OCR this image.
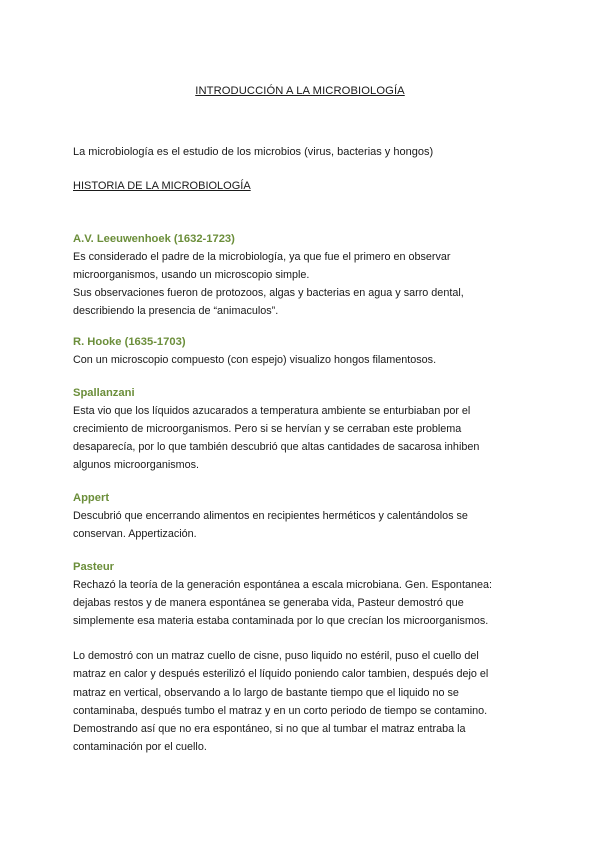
INTRODUCCIÓN A LA MICROBIOLOGÍA
La microbiología es el estudio de los microbios (virus, bacterias y hongos)
HISTORIA DE LA MICROBIOLOGÍA
A.V. Leeuwenhoek (1632-1723)

Es considerado el padre de la microbiología, ya que fue el primero en observar

microorganismos, usando un microscopio simple.

Sus observaciones fueron de protozoos, algas y bacterias en agua y sarro dental,

describiendo la presencia de “animaculos”.

R. Hooke (1635-1703)

Con un microscopio compuesto (con espejo) visualizo hongos filamentosos.

Spallanzani

Esta vio que los líquidos azucarados a temperatura ambiente se enturbiaban por el

crecimiento de microorganismos. Pero si se hervían y se cerraban este problema

desaparecía, por lo que también descubrió que altas cantidades de sacarosa inhiben

algunos microorganismos.

Appert

Descubrió que encerrando alimentos en recipientes herméticos y calentándolos se

conservan. Appertización.

Pasteur

Rechazó la teoría de la generación espontánea a escala microbiana. Gen. Espontanea:

dejabas restos y de manera espontánea se generaba vida, Pasteur demostró que

simplemente esa materia estaba contaminada por lo que crecían los microorganismos.

Lo demostró con un matraz cuello de cisne, puso liquido no estéril, puso el cuello del

matraz en calor y después esterilizó el líquido poniendo calor tambien, después dejo el

matraz en vertical, observando a lo largo de bastante tiempo que el liquido no se

contaminaba, después tumbo el matraz y en un corto periodo de tiempo se contamino.

Demostrando así que no era espontáneo, si no que al tumbar el matraz entraba la

contaminación por el cuello.
